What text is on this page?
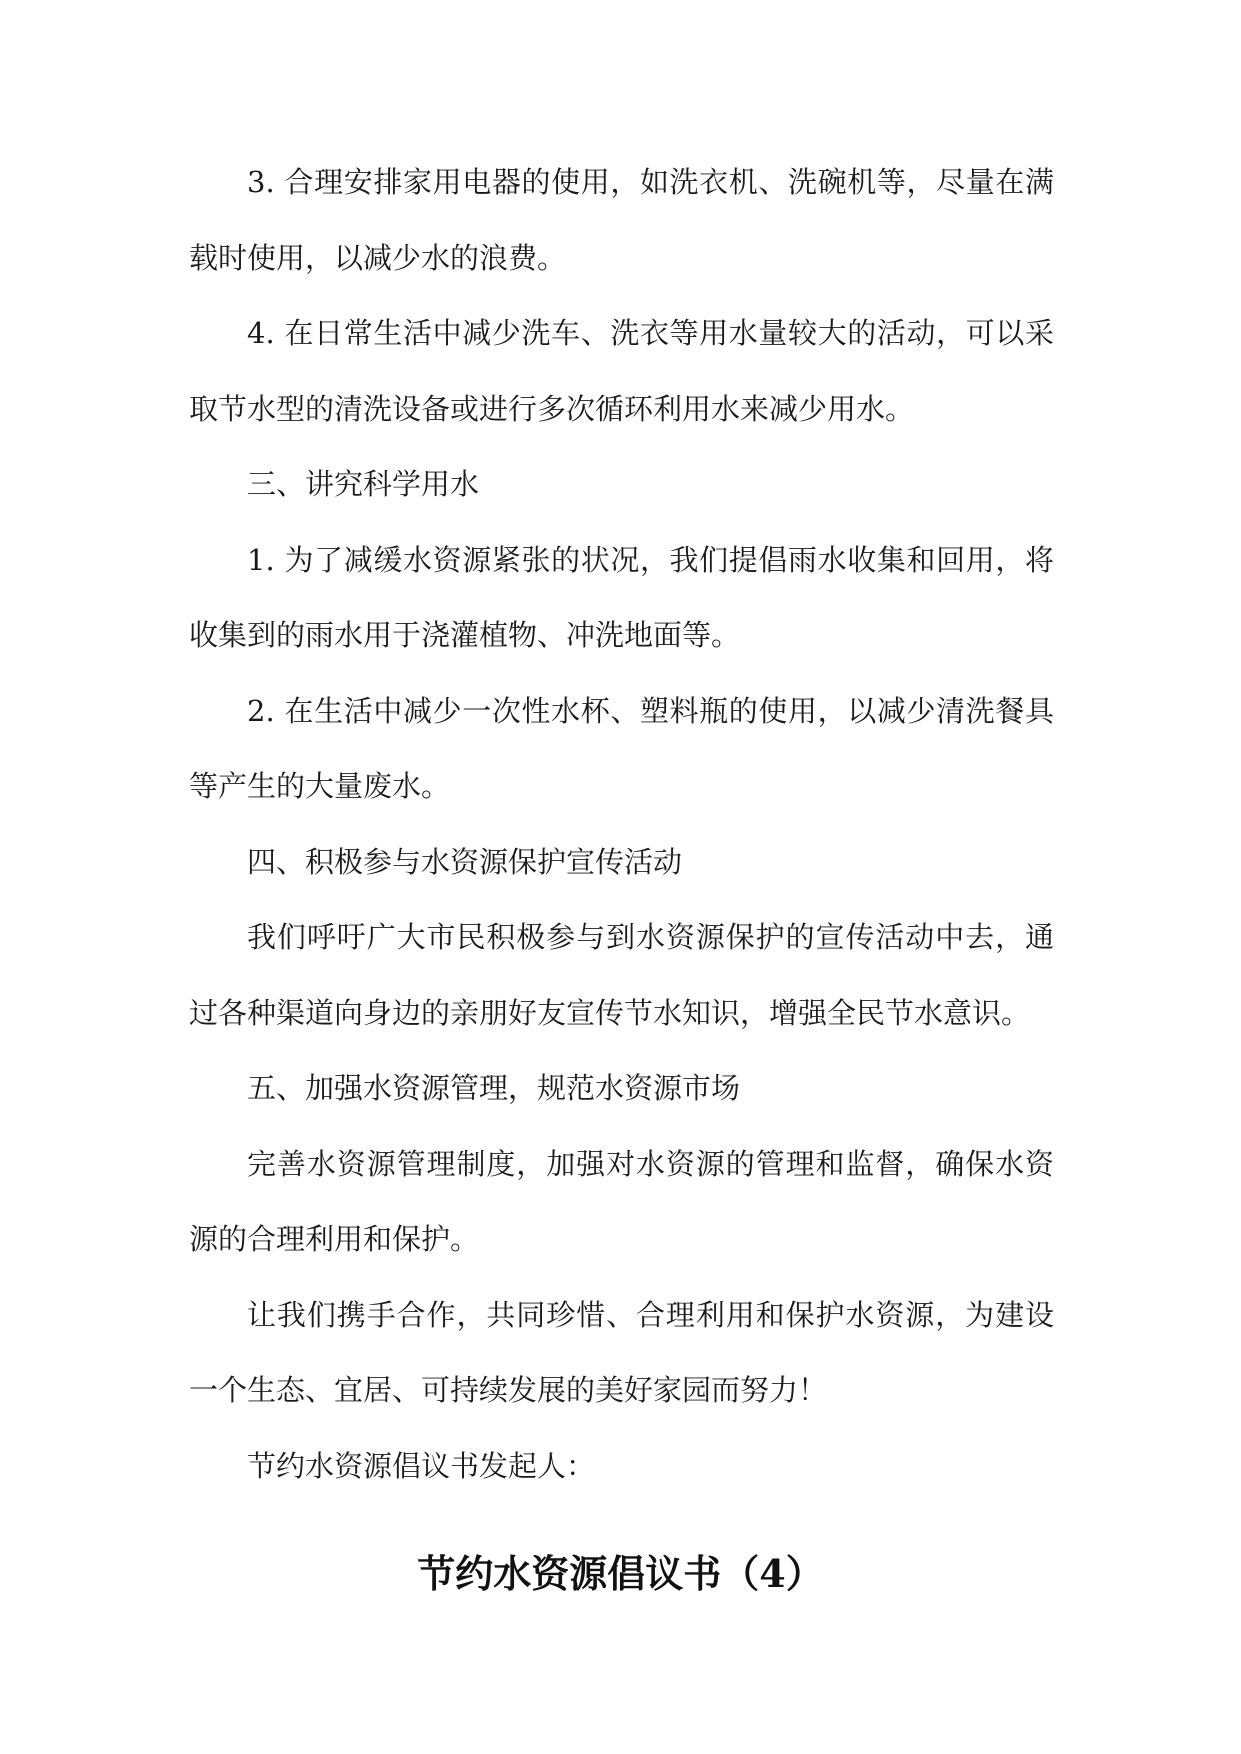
3. 合理安排家用电器的使用，如洗衣机、洗碗机等，尽量在满载时使用，以减少水的浪费。

4. 在日常生活中减少洗车、洗衣等用水量较大的活动，可以采取节水型的清洗设备或进行多次循环利用水来减少用水。

三、讲究科学用水

1. 为了减缓水资源紧张的状况，我们提倡雨水收集和回用，将收集到的雨水用于浇灌植物、冲洗地面等。

2. 在生活中减少一次性水杯、塑料瓶的使用，以减少清洗餐具等产生的大量废水。

四、积极参与水资源保护宣传活动

我们呼吁广大市民积极参与到水资源保护的宣传活动中去，通过各种渠道向身边的亲朋好友宣传节水知识，增强全民节水意识。

五、加强水资源管理，规范水资源市场

完善水资源管理制度，加强对水资源的管理和监督，确保水资源的合理利用和保护。

让我们携手合作，共同珍惜、合理利用和保护水资源，为建设一个生态、宜居、可持续发展的美好家园而努力！

节约水资源倡议书发起人：

节约水资源倡议书（4）
